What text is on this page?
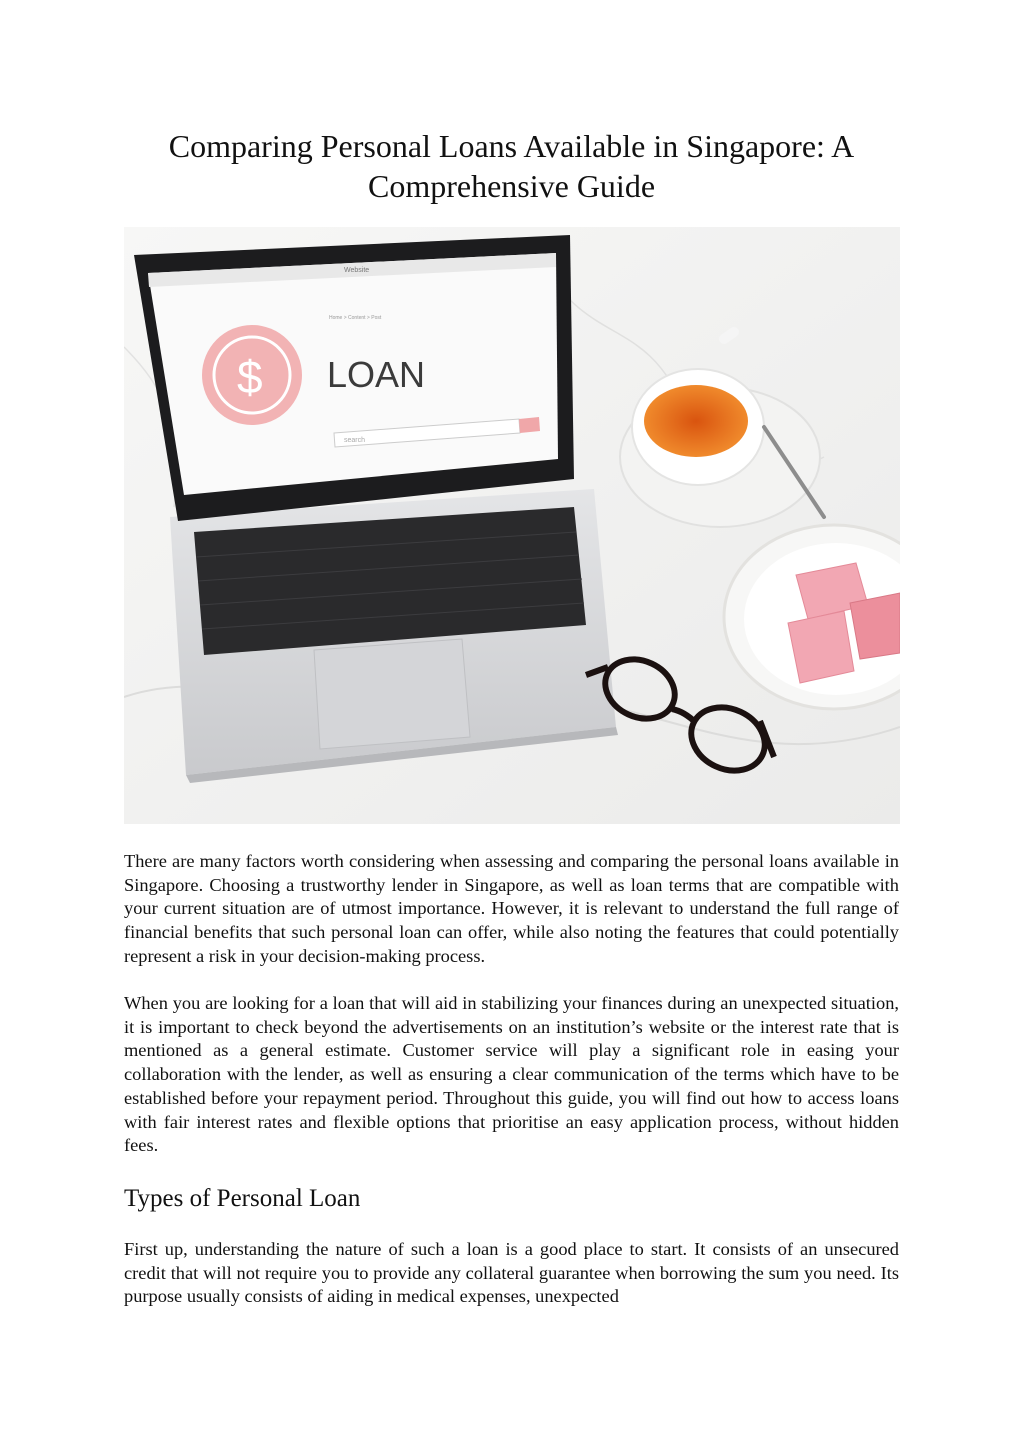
Comparing Personal Loans Available in Singapore: A Comprehensive Guide
Website
Home > Content > Post
$ LOAN
search

There are many factors worth considering when assessing and comparing the personal loans available in Singapore. Choosing a trustworthy lender in Singapore, as well as loan terms that are compatible with your current situation are of utmost importance. However, it is relevant to understand the full range of financial benefits that such personal loan can offer, while also noting the features that could potentially represent a risk in your decision-making process.

When you are looking for a loan that will aid in stabilizing your finances during an unexpected situation, it is important to check beyond the advertisements on an institution’s website or the interest rate that is mentioned as a general estimate. Customer service will play a significant role in easing your collaboration with the lender, as well as ensuring a clear communication of the terms which have to be established before your repayment period. Throughout this guide, you will find out how to access loans with fair interest rates and flexible options that prioritise an easy application process, without hidden fees.

Types of Personal Loan

First up, understanding the nature of such a loan is a good place to start. It consists of an unsecured credit that will not require you to provide any collateral guarantee when borrowing the sum you need. Its purpose usually consists of aiding in medical expenses, unexpected
